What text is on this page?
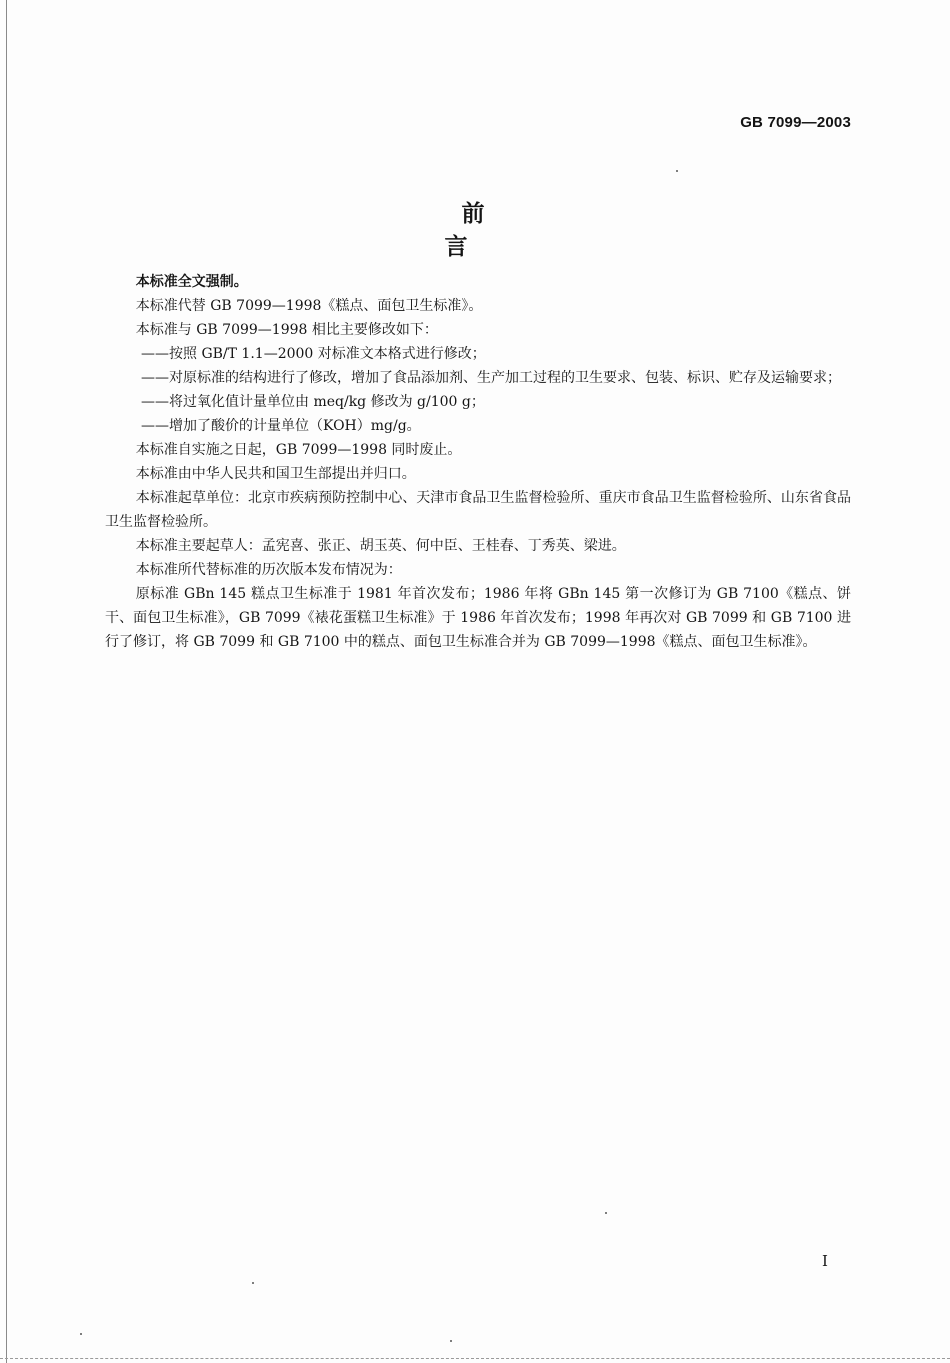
GB 7099—2003
前言

本标准全文强制。

本标准代替 GB 7099—1998《糕点、面包卫生标准》。

本标准与 GB 7099—1998 相比主要修改如下：

——按照 GB/T 1.1—2000 对标准文本格式进行修改；

——对原标准的结构进行了修改，增加了食品添加剂、生产加工过程的卫生要求、包装、标识、贮存及运输要求；

——将过氧化值计量单位由 meq/kg 修改为 g/100 g；

——增加了酸价的计量单位（KOH）mg/g。

本标准自实施之日起，GB 7099—1998 同时废止。

本标准由中华人民共和国卫生部提出并归口。

本标准起草单位：北京市疾病预防控制中心、天津市食品卫生监督检验所、重庆市食品卫生监督检验所、山东省食品卫生监督检验所。

本标准主要起草人：孟宪喜、张正、胡玉英、何中臣、王桂春、丁秀英、梁进。

本标准所代替标准的历次版本发布情况为：

原标准 GBn 145 糕点卫生标准于 1981 年首次发布；1986 年将 GBn 145 第一次修订为 GB 7100《糕点、饼干、面包卫生标准》，GB 7099《裱花蛋糕卫生标准》于 1986 年首次发布；1998 年再次对 GB 7099 和 GB 7100 进行了修订，将 GB 7099 和 GB 7100 中的糕点、面包卫生标准合并为 GB 7099—1998《糕点、面包卫生标准》。

I
